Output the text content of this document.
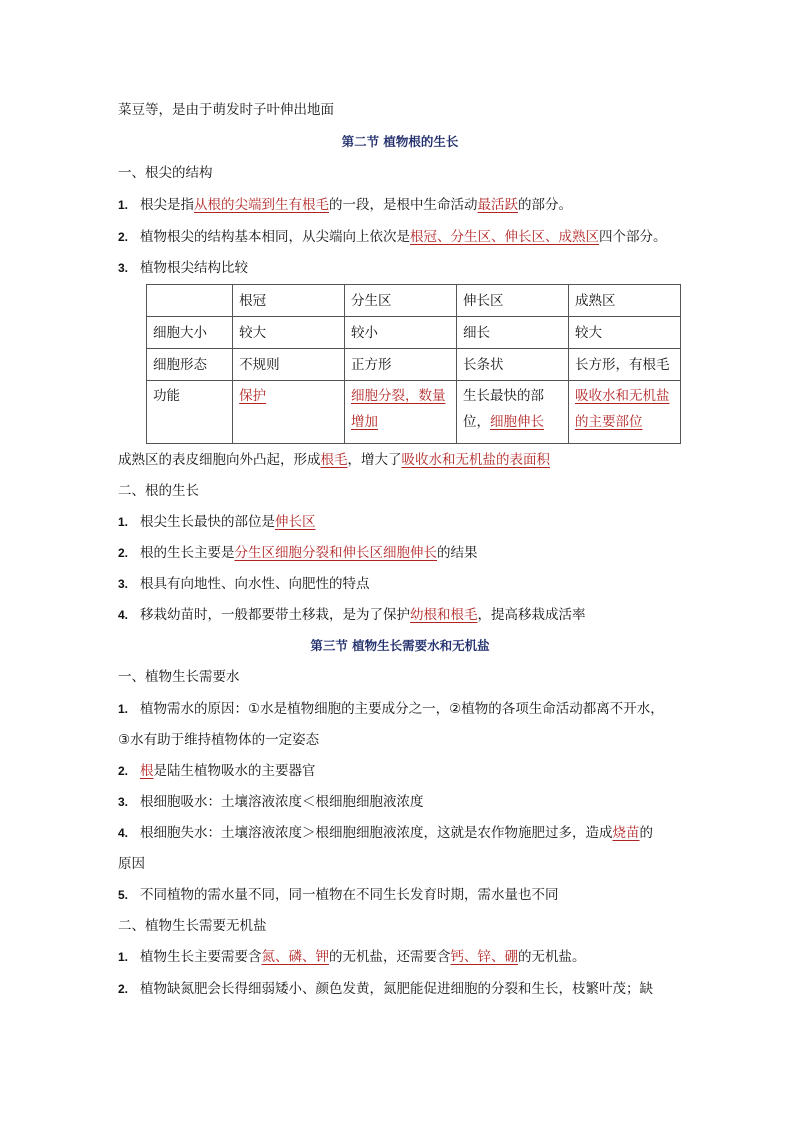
菜豆等，是由于萌发时子叶伸出地面
第二节 植物根的生长
一、根尖的结构
1. 根尖是指从根的尖端到生有根毛的一段，是根中生命活动最活跃的部分。
2. 植物根尖的结构基本相同，从尖端向上依次是根冠、分生区、伸长区、成熟区四个部分。
3. 植物根尖结构比较
	根冠	分生区	伸长区	成熟区
细胞大小	较大	较小	细长	较大
细胞形态	不规则	正方形	长条状	长方形，有根毛
功能	保护	细胞分裂，数量增加	生长最快的部位，细胞伸长	吸收水和无机盐的主要部位
成熟区的表皮细胞向外凸起，形成根毛，增大了吸收水和无机盐的表面积
二、根的生长
1. 根尖生长最快的部位是伸长区
2. 根的生长主要是分生区细胞分裂和伸长区细胞伸长的结果
3. 根具有向地性、向水性、向肥性的特点
4. 移栽幼苗时，一般都要带土移栽，是为了保护幼根和根毛，提高移栽成活率
第三节 植物生长需要水和无机盐
一、植物生长需要水
1. 植物需水的原因：①水是植物细胞的主要成分之一，②植物的各项生命活动都离不开水，
③水有助于维持植物体的一定姿态
2. 根是陆生植物吸水的主要器官
3. 根细胞吸水：土壤溶液浓度＜根细胞细胞液浓度
4. 根细胞失水：土壤溶液浓度＞根细胞细胞液浓度，这就是农作物施肥过多，造成烧苗的
原因
5. 不同植物的需水量不同，同一植物在不同生长发育时期，需水量也不同
二、植物生长需要无机盐
1. 植物生长主要需要含氮、磷、钾的无机盐，还需要含钙、锌、硼的无机盐。
2. 植物缺氮肥会长得细弱矮小、颜色发黄，氮肥能促进细胞的分裂和生长，枝繁叶茂；缺
